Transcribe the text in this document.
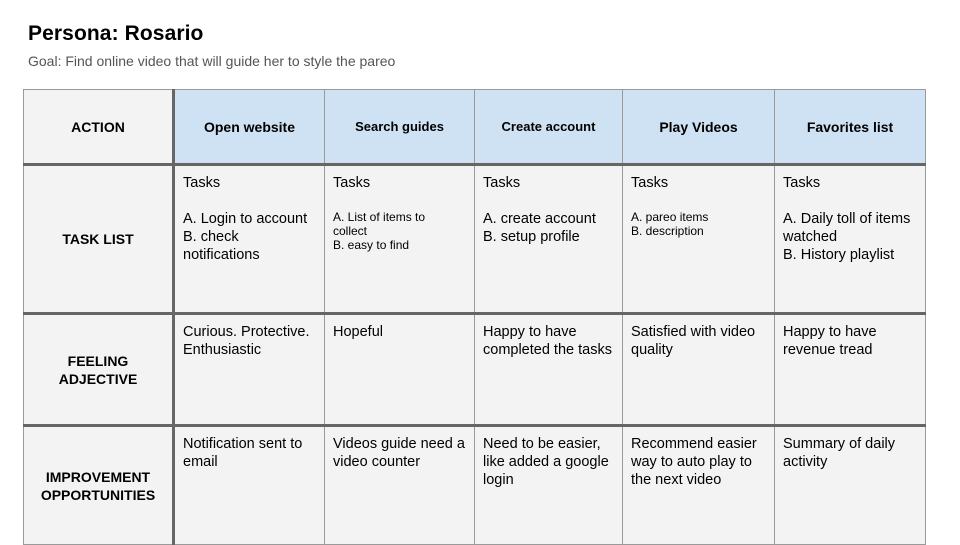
Persona: Rosario
Goal: Find online video that will guide her to style the pareo
ACTION	Open website	Search guides	Create account	Play Videos	Favorites list
TASK LIST	Tasks
A. Login to account
B. check notifications	Tasks
A. List of items to collect
B. easy to find	Tasks
A. create account
B. setup profile	Tasks
A. pareo items
B. description	Tasks
A. Daily toll of items watched
B. History playlist

FEELING
ADJECTIVE	Curious. Protective. Enthusiastic	Hopeful	Happy to have completed the tasks	Satisfied with video quality	Happy to have revenue tread

IMPROVEMENT
OPPORTUNITIES	Notification sent to email	Videos guide need a video counter	Need to be easier, like added a google login	Recommend easier way to auto play to the next video	Summary of daily activity
